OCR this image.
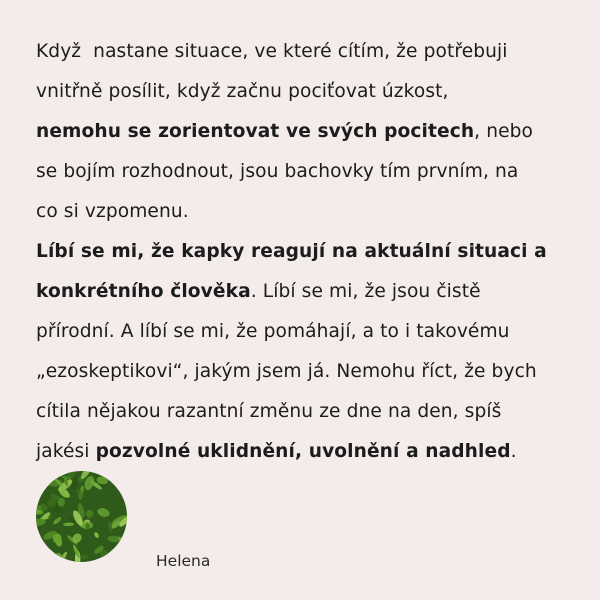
Když  nastane situace, ve které cítím, že potřebuji
vnitřně posílit, když začnu pociťovat úzkost,
nemohu se zorientovat ve svých pocitech, nebo
se bojím rozhodnout, jsou bachovky tím prvním, na
co si vzpomenu.
Líbí se mi, že kapky reagují na aktuální situaci a
konkrétního člověka. Líbí se mi, že jsou čistě
přírodní. A líbí se mi, že pomáhají, a to i takovému
„ezoskeptikovi“, jakým jsem já. Nemohu říct, že bych
cítila nějakou razantní změnu ze dne na den, spíš
jakési pozvolné uklidnění, uvolnění a nadhled.
Helena
